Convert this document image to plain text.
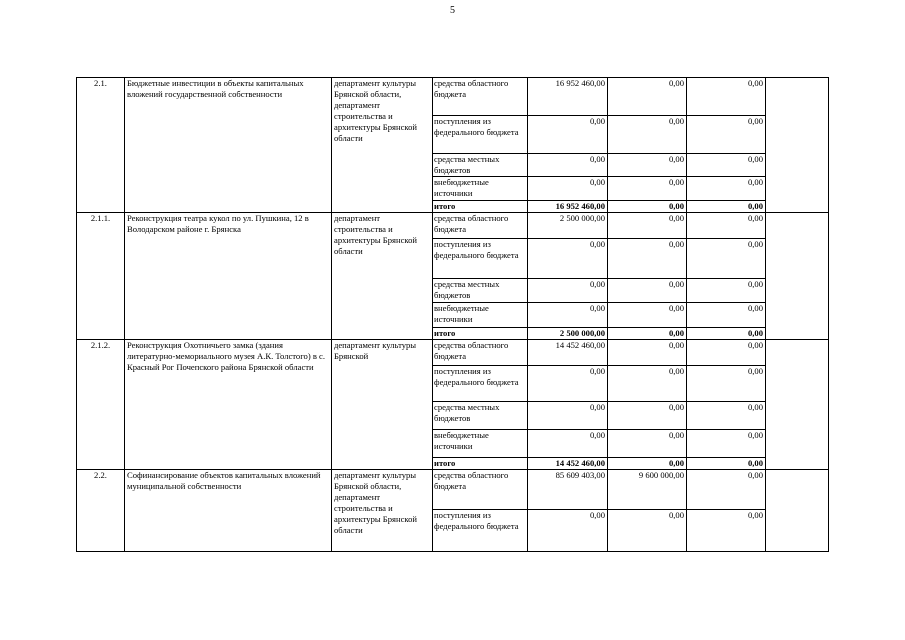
5
2.1.	Бюджетные инвестиции в объекты капитальных вложений государственной собственности	департамент культуры Брянской области, департамент строительства и архитектуры Брянской области	средства областного бюджета	16 952 460,00	0,00	0,00	
			поступления из федерального бюджета	0,00	0,00	0,00	
			средства местных бюджетов	0,00	0,00	0,00	
			внебюджетные источники	0,00	0,00	0,00	
			итого	16 952 460,00	0,00	0,00	
2.1.1.	Реконструкция театра кукол по ул. Пушкина, 12 в Володарском районе г. Брянска	департамент строительства и архитектуры Брянской области	средства областного бюджета	2 500 000,00	0,00	0,00	
			поступления из федерального бюджета	0,00	0,00	0,00	
			средства местных бюджетов	0,00	0,00	0,00	
			внебюджетные источники	0,00	0,00	0,00	
			итого	2 500 000,00	0,00	0,00	
2.1.2.	Реконструкция Охотничьего замка (здания литературно-мемориального музея А.К. Толстого) в с. Красный Рог Почепского района Брянской области	департамент культуры Брянской	средства областного бюджета	14 452 460,00	0,00	0,00	
			поступления из федерального бюджета	0,00	0,00	0,00	
			средства местных бюджетов	0,00	0,00	0,00	
			внебюджетные источники	0,00	0,00	0,00	
			итого	14 452 460,00	0,00	0,00	
2.2.	Софинансирование объектов капитальных вложений муниципальной собственности	департамент культуры Брянской области, департамент строительства и архитектуры Брянской области	средства областного бюджета	85 609 403,00	9 600 000,00	0,00	
			поступления из федерального бюджета	0,00	0,00	0,00	
